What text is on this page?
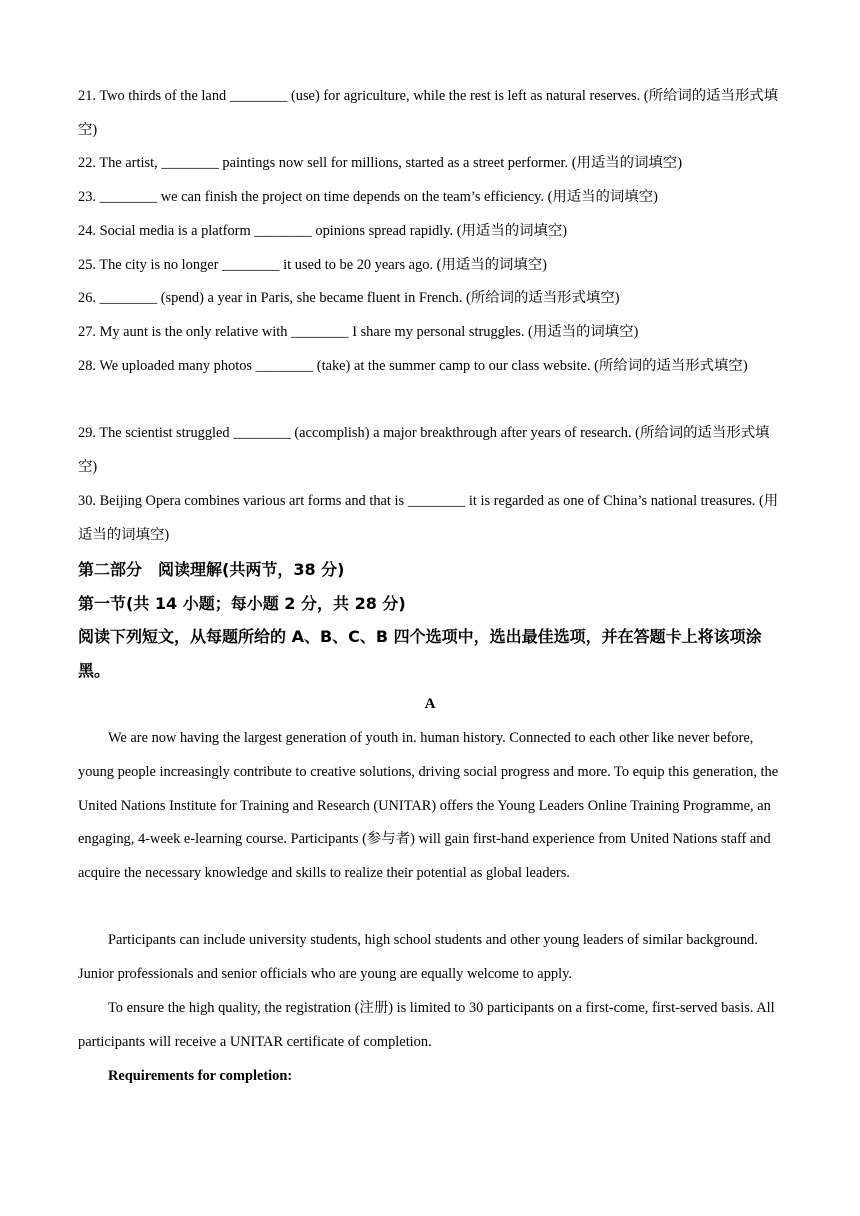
21. Two thirds of the land ________ (use) for agriculture, while the rest is left as natural reserves. (所给词的适当形式填空)

22. The artist, ________ paintings now sell for millions, started as a street performer. (用适当的词填空)

23. ________ we can finish the project on time depends on the team’s efficiency. (用适当的词填空)

24. Social media is a platform ________ opinions spread rapidly. (用适当的词填空)

25. The city is no longer ________ it used to be 20 years ago. (用适当的词填空)

26. ________ (spend) a year in Paris, she became fluent in French. (所给词的适当形式填空)

27. My aunt is the only relative with ________ I share my personal struggles. (用适当的词填空)

28. We uploaded many photos ________ (take) at the summer camp to our class website. (所给词的适当形式填空)

29. The scientist struggled ________ (accomplish) a major breakthrough after years of research. (所给词的适当形式填空)

30. Beijing Opera combines various art forms and that is ________ it is regarded as one of China’s national treasures. (用适当的词填空)

第二部分　阅读理解(共两节，38 分)

第一节(共 14 小题；每小题 2 分，共 28 分)

阅读下列短文，从每题所给的 A、B、C、B 四个选项中，选出最佳选项，并在答题卡上将该项涂黑。

A

We are now having the largest generation of youth in. human history. Connected to each other like never before, young people increasingly contribute to creative solutions, driving social progress and more. To equip this generation, the United Nations Institute for Training and Research (UNITAR) offers the Young Leaders Online Training Programme, an engaging, 4-week e-learning course. Participants (参与者) will gain first-hand experience from United Nations staff and acquire the necessary knowledge and skills to realize their potential as global leaders.

Participants can include university students, high school students and other young leaders of similar background. Junior professionals and senior officials who are young are equally welcome to apply.

To ensure the high quality, the registration (注册) is limited to 30 participants on a first-come, first-served basis. All participants will receive a UNITAR certificate of completion.

Requirements for completion:
